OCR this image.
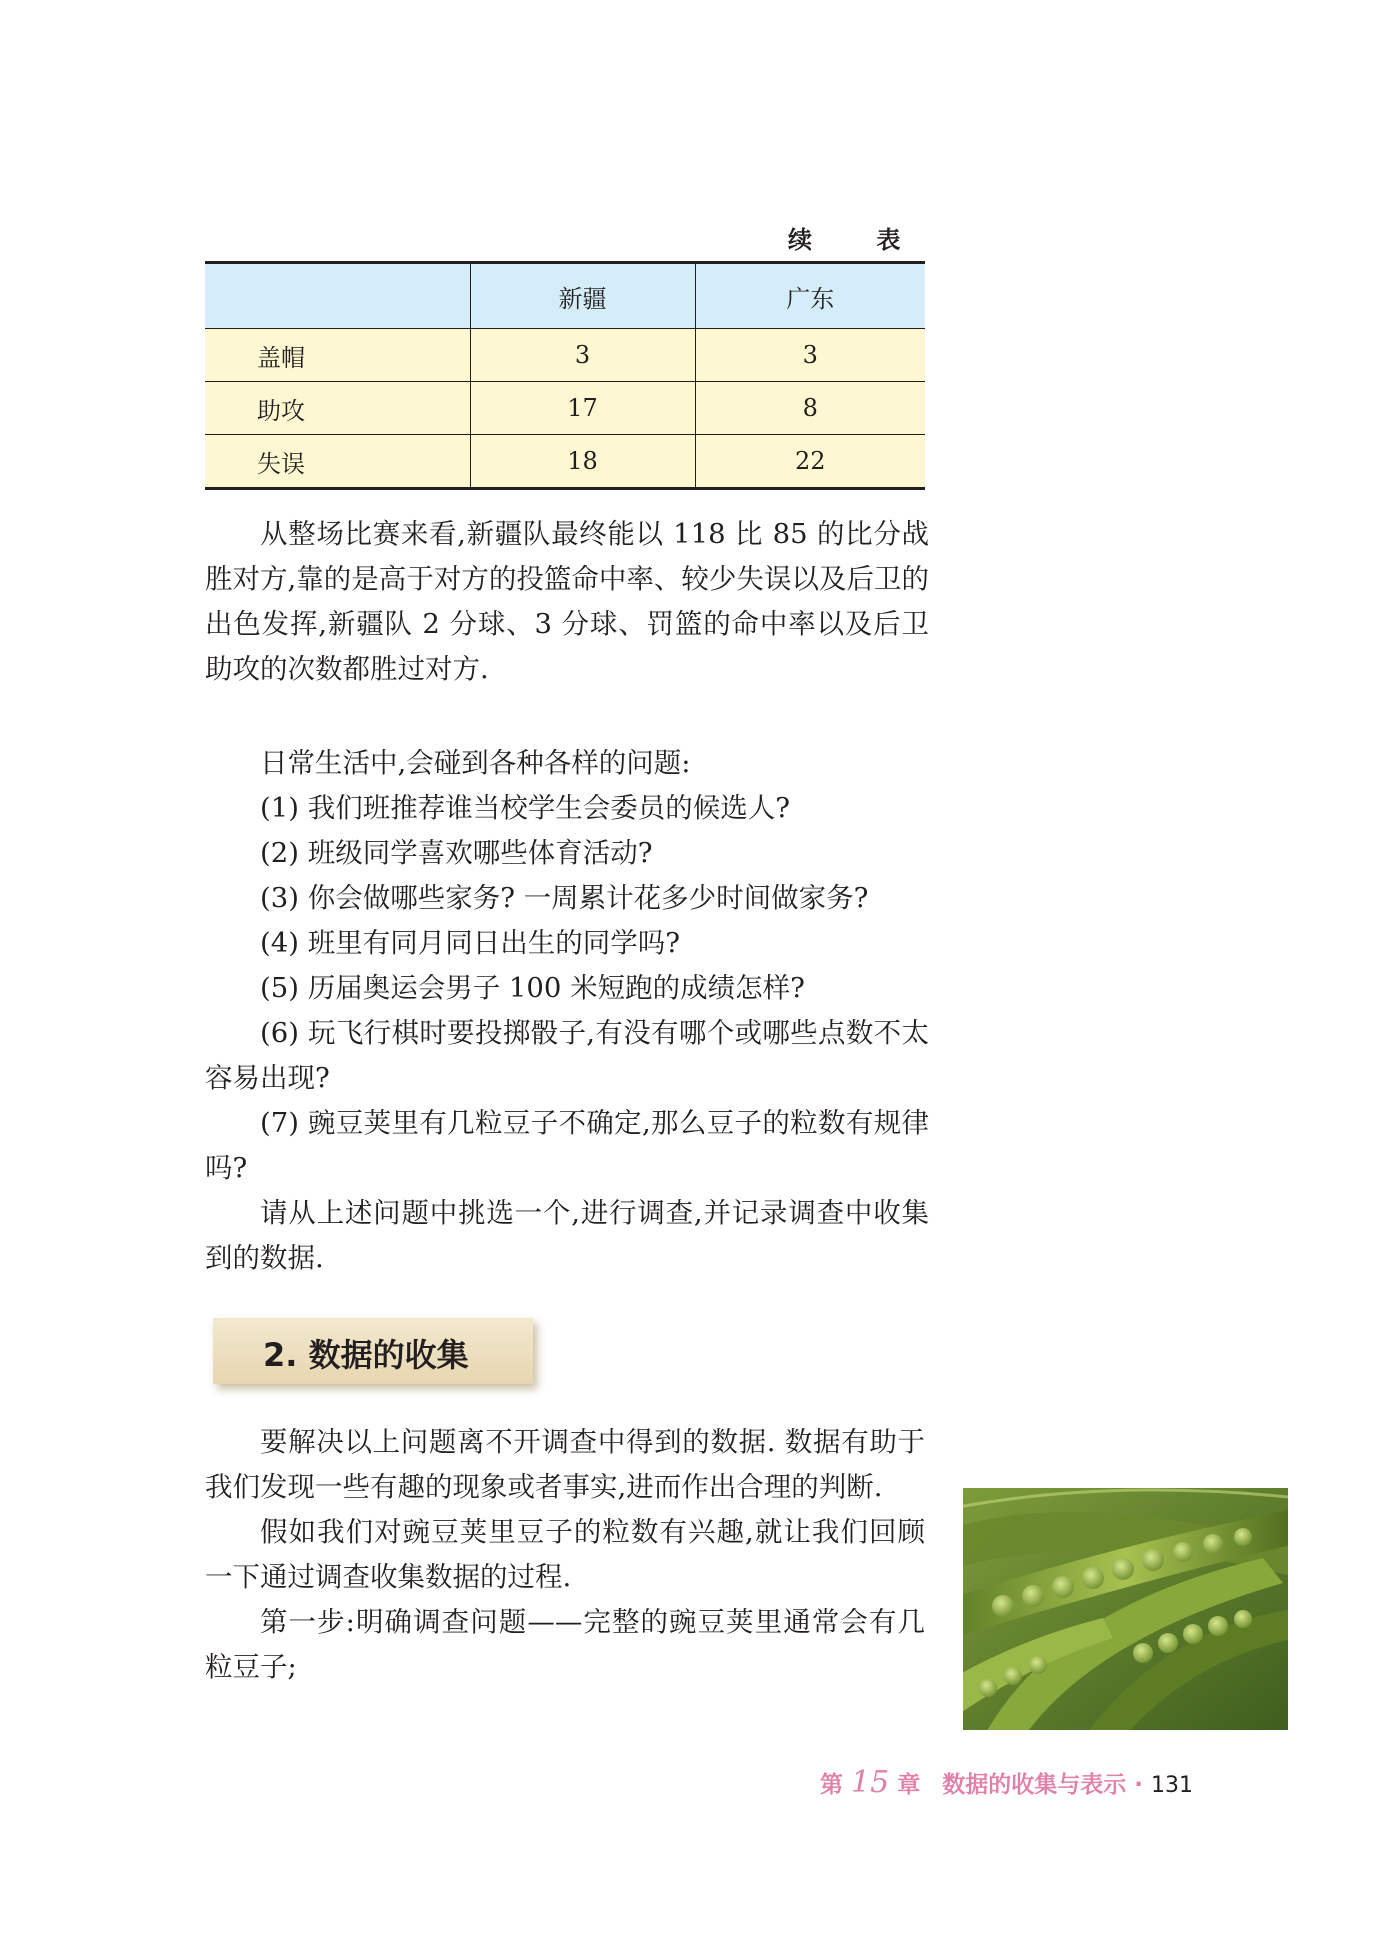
续 表
	新疆	广东
盖帽	3	3
助攻	17	8
失误	18	22

从整场比赛来看,新疆队最终能以 118 比 85 的比分战胜对方,靠的是高于对方的投篮命中率、较少失误以及后卫的出色发挥,新疆队 2 分球、3 分球、罚篮的命中率以及后卫助攻的次数都胜过对方.

日常生活中,会碰到各种各样的问题:

(1) 我们班推荐谁当校学生会委员的候选人?

(2) 班级同学喜欢哪些体育活动?

(3) 你会做哪些家务? 一周累计花多少时间做家务?

(4) 班里有同月同日出生的同学吗?

(5) 历届奥运会男子 100 米短跑的成绩怎样?

(6) 玩飞行棋时要投掷骰子,有没有哪个或哪些点数不太容易出现?

(7) 豌豆荚里有几粒豆子不确定,那么豆子的粒数有规律吗?

请从上述问题中挑选一个,进行调查,并记录调查中收集到的数据.

2. 数据的收集

要解决以上问题离不开调查中得到的数据. 数据有助于我们发现一些有趣的现象或者事实,进而作出合理的判断.

假如我们对豌豆荚里豆子的粒数有兴趣,就让我们回顾一下通过调查收集数据的过程.

第一步:明确调查问题——完整的豌豆荚里通常会有几粒豆子;

第 15 章 数据的收集与表示 · 131
